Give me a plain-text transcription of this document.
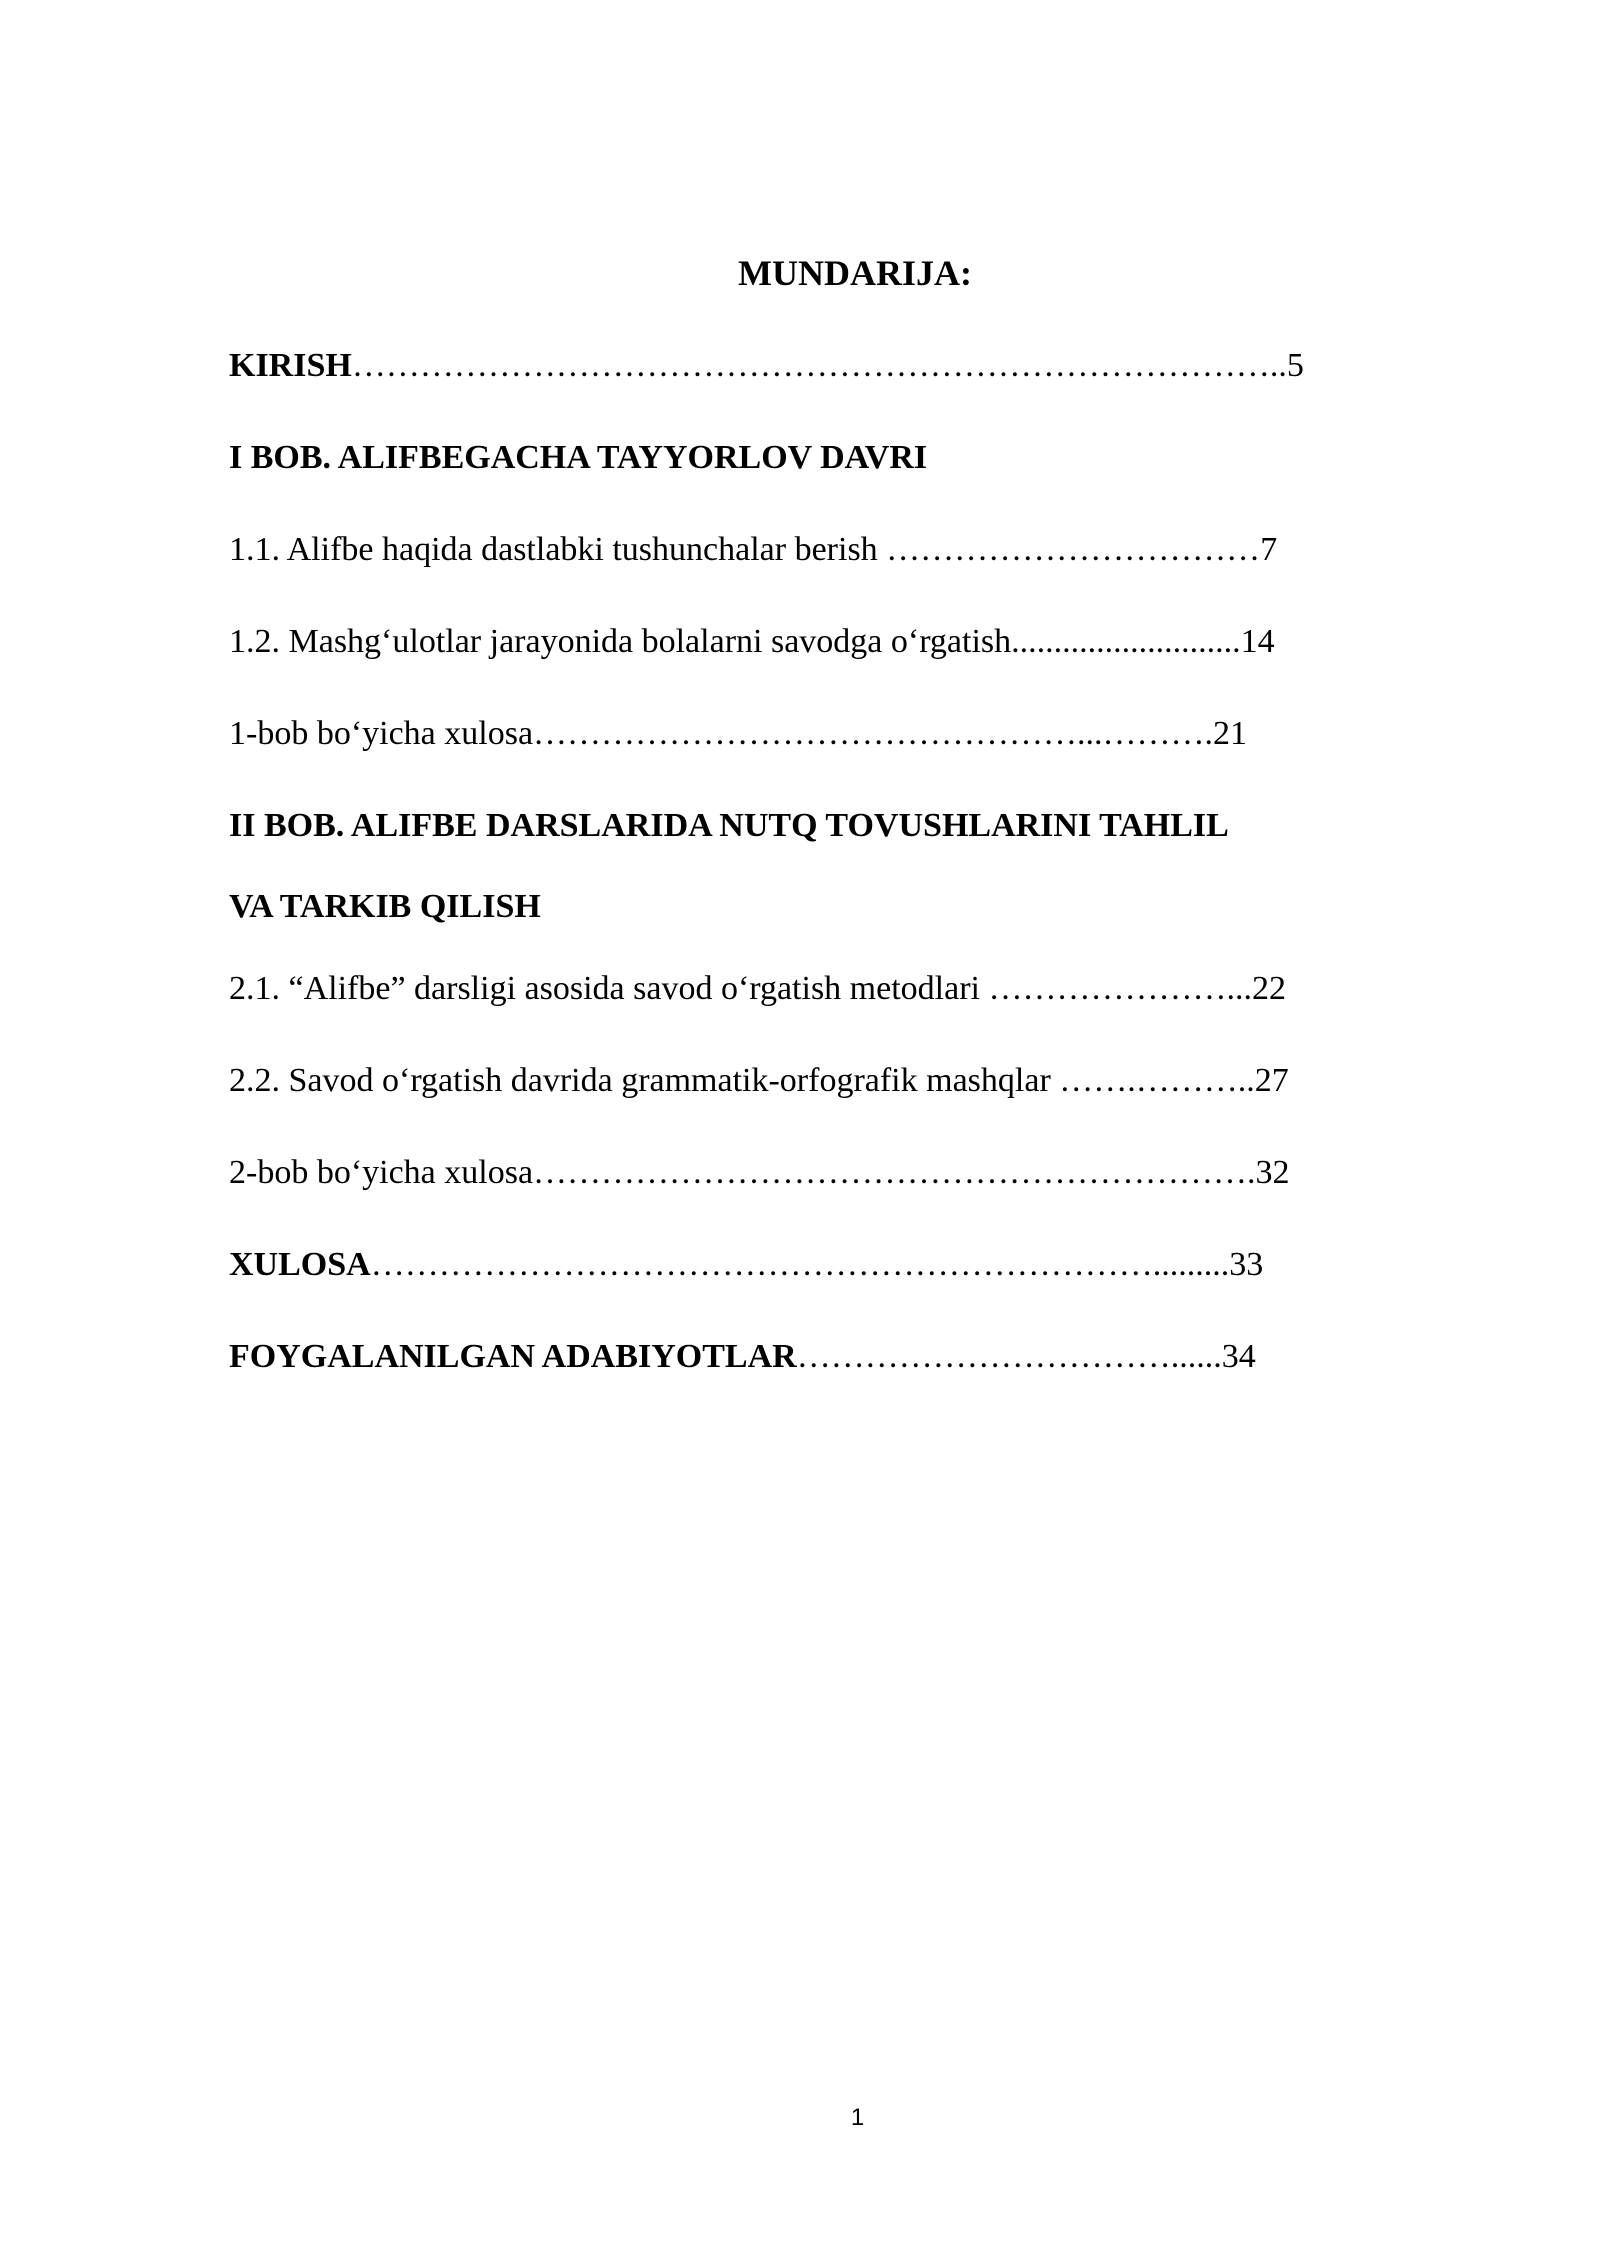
MUNDARIJA:
KIRISH………………………………………………………………………..5
I BOB. ALIFBEGACHA TAYYORLOV DAVRI
1.1. Alifbe haqida dastlabki tushunchalar berish ……………………………7
1.2. Mashg‘ulotlar jarayonida bolalarni savodga o‘rgatish...........................14
1-bob bo‘yicha xulosa…………………………………………...……….21
II BOB. ALIFBE DARSLARIDA NUTQ TOVUSHLARINI TAHLIL
VA TARKIB QILISH
2.1. “Alifbe” darsligi asosida savod o‘rgatish metodlari …………………...22
2.2. Savod o‘rgatish davrida grammatik-orfografik mashqlar …….………..27
2-bob bo‘yicha xulosa……………………………………………………….32
XULOSA…………………………………………………………….........33
FOYGALANILGAN ADABIYOTLAR……………………………......34
1
